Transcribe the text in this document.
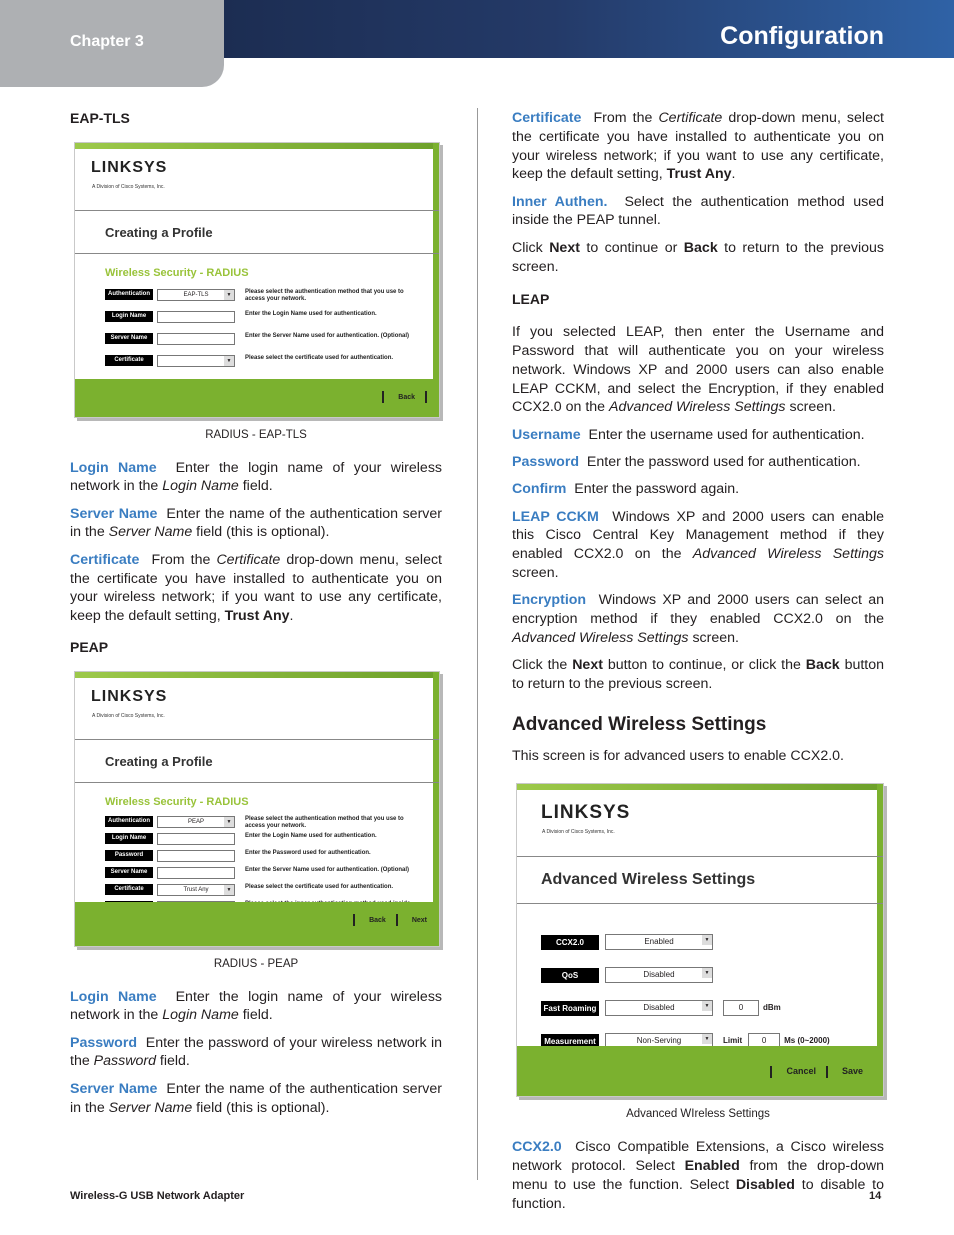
Chapter 3	Configuration
EAP-TLS
LINKSYS
A Division of Cisco Systems, Inc.
Creating a Profile
Wireless Security - RADIUS
Authentication	EAP-TLS ▼	Please select the authentication method that you use to access your network.
Login Name	Enter the Login Name used for authentication.
Server Name	Enter the Server Name used for authentication. (Optional)
Certificate
▼	Please select the certificate used for authentication.
Back
RADIUS - EAP-TLS

Login Name Enter the login name of your wireless network in the Login Name field.

Server Name Enter the name of the authentication server in the Server Name field (this is optional).

Certificate From the Certificate drop-down menu, select the certificate you have installed to authenticate you on your wireless network; if you want to use any certificate, keep the default setting, Trust Any.

PEAP
LINKSYS
A Division of Cisco Systems, Inc.
Creating a Profile
Wireless Security - RADIUS
Authentication	PEAP ▼	Please select the authentication method that you use to access your network.
Login Name	Enter the Login Name used for authentication.
Password	Enter the Password used for authentication.
Server Name	Enter the Server Name used for authentication. (Optional)
Certificate	Trust Any ▼	Please select the certificate used for authentication.
▼
Back	Next
RADIUS - PEAP

Login Name Enter the login name of your wireless network in the Login Name field.

Password Enter the password of your wireless network in the Password field.

Server Name Enter the name of the authentication server in the Server Name field (this is optional).

Certificate From the Certificate drop-down menu, select the certificate you have installed to authenticate you on your wireless network; if you want to use any certificate, keep the default setting, Trust Any.

Inner Authen. Select the authentication method used inside the PEAP tunnel.

Click Next to continue or Back to return to the previous screen.

LEAP

If you selected LEAP, then enter the Username and Password that will authenticate you on your wireless network. Windows XP and 2000 users can also enable LEAP CCKM, and select the Encryption, if they enabled CCX2.0 on the Advanced Wireless Settings screen.

Username Enter the username used for authentication.

Password Enter the password used for authentication.

Confirm Enter the password again.

LEAP CCKM Windows XP and 2000 users can enable this Cisco Central Key Management method if they enabled CCX2.0 on the Advanced Wireless Settings screen.

Encryption Windows XP and 2000 users can select an encryption method if they enabled CCX2.0 on the Advanced Wireless Settings screen.

Click the Next button to continue, or click the Back button to return to the previous screen.

Advanced Wireless Settings

This screen is for advanced users to enable CCX2.0.

LINKSYS
A Division of Cisco Systems, Inc.
Advanced Wireless Settings
CCX2.0	Enabled ▼
QoS	Disabled ▼
Fast Roaming	Disabled ▼	0	dBm
Measurement	Non-Serving ▼	Limit	0	Ms (0~2000)
Cancel	Save
Advanced WIreless Settings

CCX2.0 Cisco Compatible Extensions, a Cisco wireless network protocol. Select Enabled from the drop-down menu to use the function. Select Disabled to disable to function.

Wireless-G USB Network Adapter	14
